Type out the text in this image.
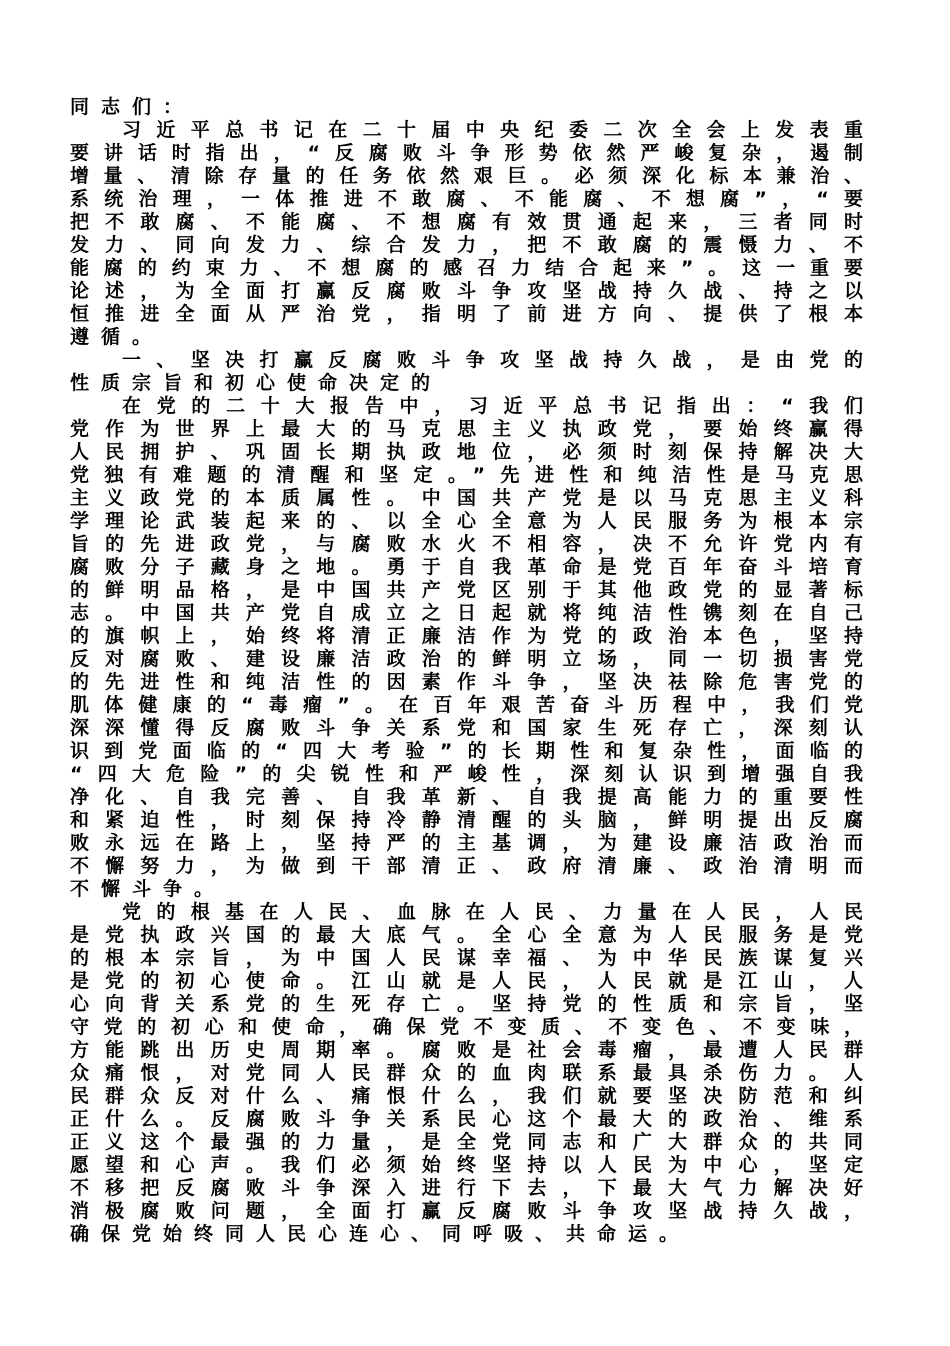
同志们：
习近平总书记在二十届中央纪委二次全会上发表重
要讲话时指出，“反腐败斗争形势依然严峻复杂，遏制
增量、清除存量的任务依然艰巨。必须深化标本兼治、
系统治理，一体推进不敢腐、不能腐、不想腐”，“要
把不敢腐、不能腐、不想腐有效贯通起来，三者同时
发力、同向发力、综合发力，把不敢腐的震慑力、不
能腐的约束力、不想腐的感召力结合起来”。这一重要
论述，为全面打赢反腐败斗争攻坚战持久战、持之以
恒推进全面从严治党，指明了前进方向、提供了根本
遵循。
一、坚决打赢反腐败斗争攻坚战持久战，是由党的
性质宗旨和初心使命决定的
在党的二十大报告中，习近平总书记指出：“我们
党作为世界上最大的马克思主义执政党，要始终赢得
人民拥护、巩固长期执政地位，必须时刻保持解决大
党独有难题的清醒和坚定。”先进性和纯洁性是马克思
主义政党的本质属性。中国共产党是以马克思主义科
学理论武装起来的、以全心全意为人民服务为根本宗
旨的先进政党，与腐败水火不相容，决不允许党内有
腐败分子藏身之地。勇于自我革命是党百年奋斗培育
的鲜明品格，是中国共产党区别于其他政党的显著标
志。中国共产党自成立之日起就将纯洁性镌刻在自己
的旗帜上，始终将清正廉洁作为党的政治本色，坚持
反对腐败、建设廉洁政治的鲜明立场，同一切损害党
的先进性和纯洁性的因素作斗争，坚决祛除危害党的
肌体健康的“毒瘤”。在百年艰苦奋斗历程中，我们党
深深懂得反腐败斗争关系党和国家生死存亡，深刻认
识到党面临的“四大考验”的长期性和复杂性，面临的
“四大危险”的尖锐性和严峻性，深刻认识到增强自我
净化、自我完善、自我革新、自我提高能力的重要性
和紧迫性，时刻保持冷静清醒的头脑，鲜明提出反腐
败永远在路上，坚持严的主基调，为建设廉洁政治而
不懈努力，为做到干部清正、政府清廉、政治清明而
不懈斗争。
党的根基在人民、血脉在人民、力量在人民，人民
是党执政兴国的最大底气。全心全意为人民服务是党
的根本宗旨，为中国人民谋幸福、为中华民族谋复兴
是党的初心使命。江山就是人民，人民就是江山，人
心向背关系党的生死存亡。坚持党的性质和宗旨，坚
守党的初心和使命，确保党不变质、不变色、不变味，
方能跳出历史周期率。腐败是社会毒瘤，最遭人民群
众痛恨，对党同人民群众的血肉联系最具杀伤力。人
民群众反对什么、痛恨什么，我们就要坚决防范和纠
正什么。反腐败斗争关系民心这个最大的政治、维系
正义这个最强的力量，是全党同志和广大群众的共同
愿望和心声。我们必须始终坚持以人民为中心，坚定
不移把反腐败斗争深入进行下去，下最大气力解决好
消极腐败问题，全面打赢反腐败斗争攻坚战持久战，
确保党始终同人民心连心、同呼吸、共命运。
